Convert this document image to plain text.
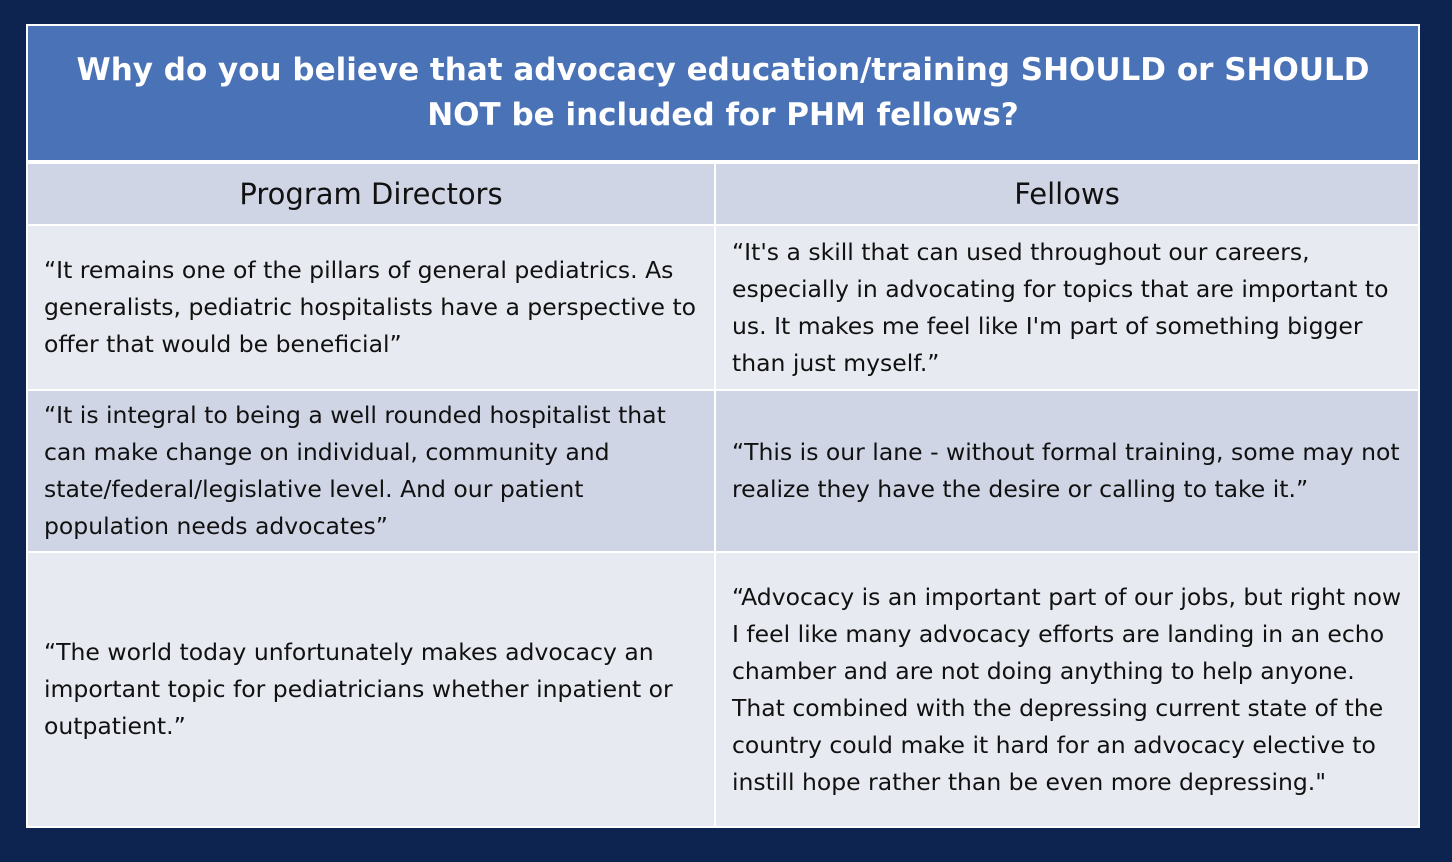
Why do you believe that advocacy education/training SHOULD or SHOULD NOT be included for PHM fellows?
Program Directors	Fellows
“It remains one of the pillars of general pediatrics. As generalists, pediatric hospitalists have a perspective to offer that would be beneficial”
“It's a skill that can used throughout our careers, especially in advocating for topics that are important to us. It makes me feel like I'm part of something bigger than just myself.”
“It is integral to being a well rounded hospitalist that can make change on individual, community and state/federal/legislative level. And our patient population needs advocates”
“This is our lane - without formal training, some may not realize they have the desire or calling to take it.”
“The world today unfortunately makes advocacy an important topic for pediatricians whether inpatient or outpatient.”
“Advocacy is an important part of our jobs, but right now I feel like many advocacy efforts are landing in an echo chamber and are not doing anything to help anyone. That combined with the depressing current state of the country could make it hard for an advocacy elective to instill hope rather than be even more depressing."
